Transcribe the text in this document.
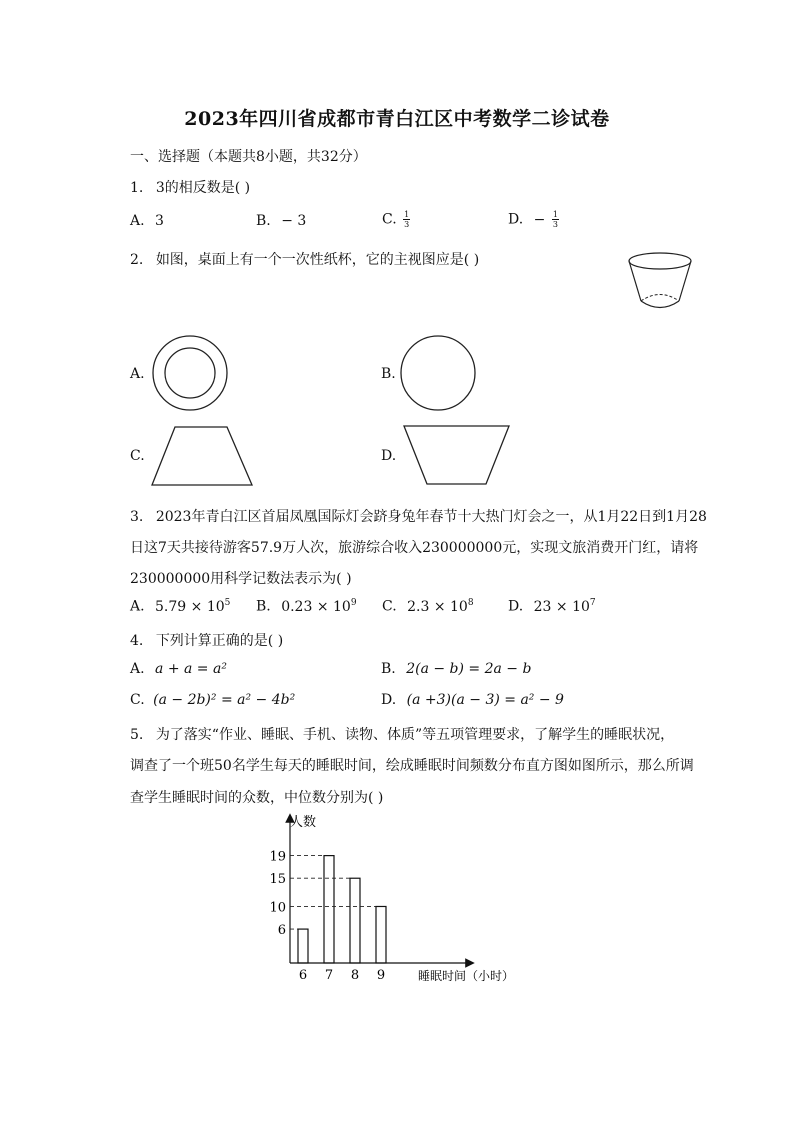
2023年四川省成都市青白江区中考数学二诊试卷
一、选择题（本题共8小题，共32分）
1. 3的相反数是( )
A. 3	B. − 3	C. $\frac{1}{3}$	D. − $\frac{1}{3}$
2. 如图，桌面上有一个一次性纸杯，它的主视图应是( )
A.	B.
C.	D.
3. 2023年青白江区首届凤凰国际灯会跻身兔年春节十大热门灯会之一，从1月22日到1月28
日这7天共接待游客57.9万人次，旅游综合收入230000000元，实现文旅消费开门红，请将
230000000用科学记数法表示为( )
A. $5.79 \times 10^5$ B. $0.23 \times 10^9$ C. $2.3 \times 10^8$ D. $23 \times 10^7$
4. 下列计算正确的是( )
A. a + a = a²	B. 2(a − b) = 2a − b
C. (a − 2b)² = a² − 4b²	D. (a +3)(a − 3) = a² − 9
5. 为了落实“作业、睡眠、手机、读物、体质”等五项管理要求，了解学生的睡眠状况，
调查了一个班50名学生每天的睡眠时间，绘成睡眠时间频数分布直方图如图所示，那么所调
查学生睡眠时间的众数，中位数分别为( )
人数
睡眠时间（小时）
6 7 8 9
6
10
15
19
